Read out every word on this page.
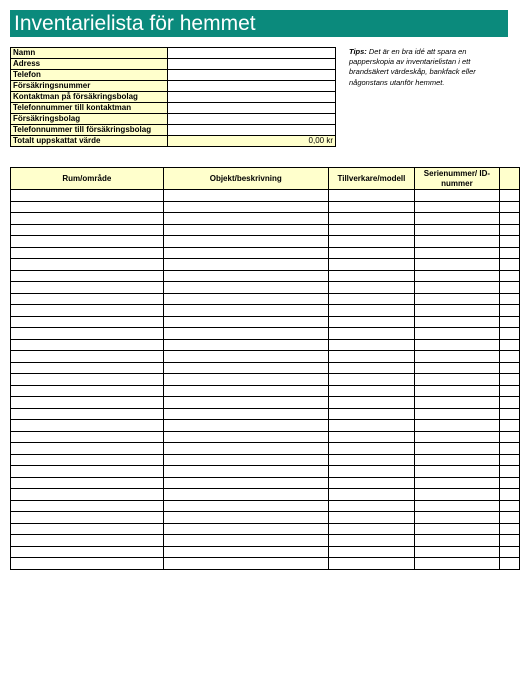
Inventarielista för hemmet
Namn	
Adress	
Telefon	
Försäkringsnummer	
Kontaktman på försäkringsbolag	
Telefonnummer till kontaktman	
Försäkringsbolag	
Telefonnummer till försäkringsbolag	
Totalt uppskattat värde	0,00 kr
Tips: Det är en bra idé att spara en papperskopia av inventarielistan i ett brandsäkert värdeskåp, bankfack eller någonstans utanför hemmet.
Rum/område	Objekt/beskrivning	Tillverkare/modell	Serienummer/ ID-nummer	
